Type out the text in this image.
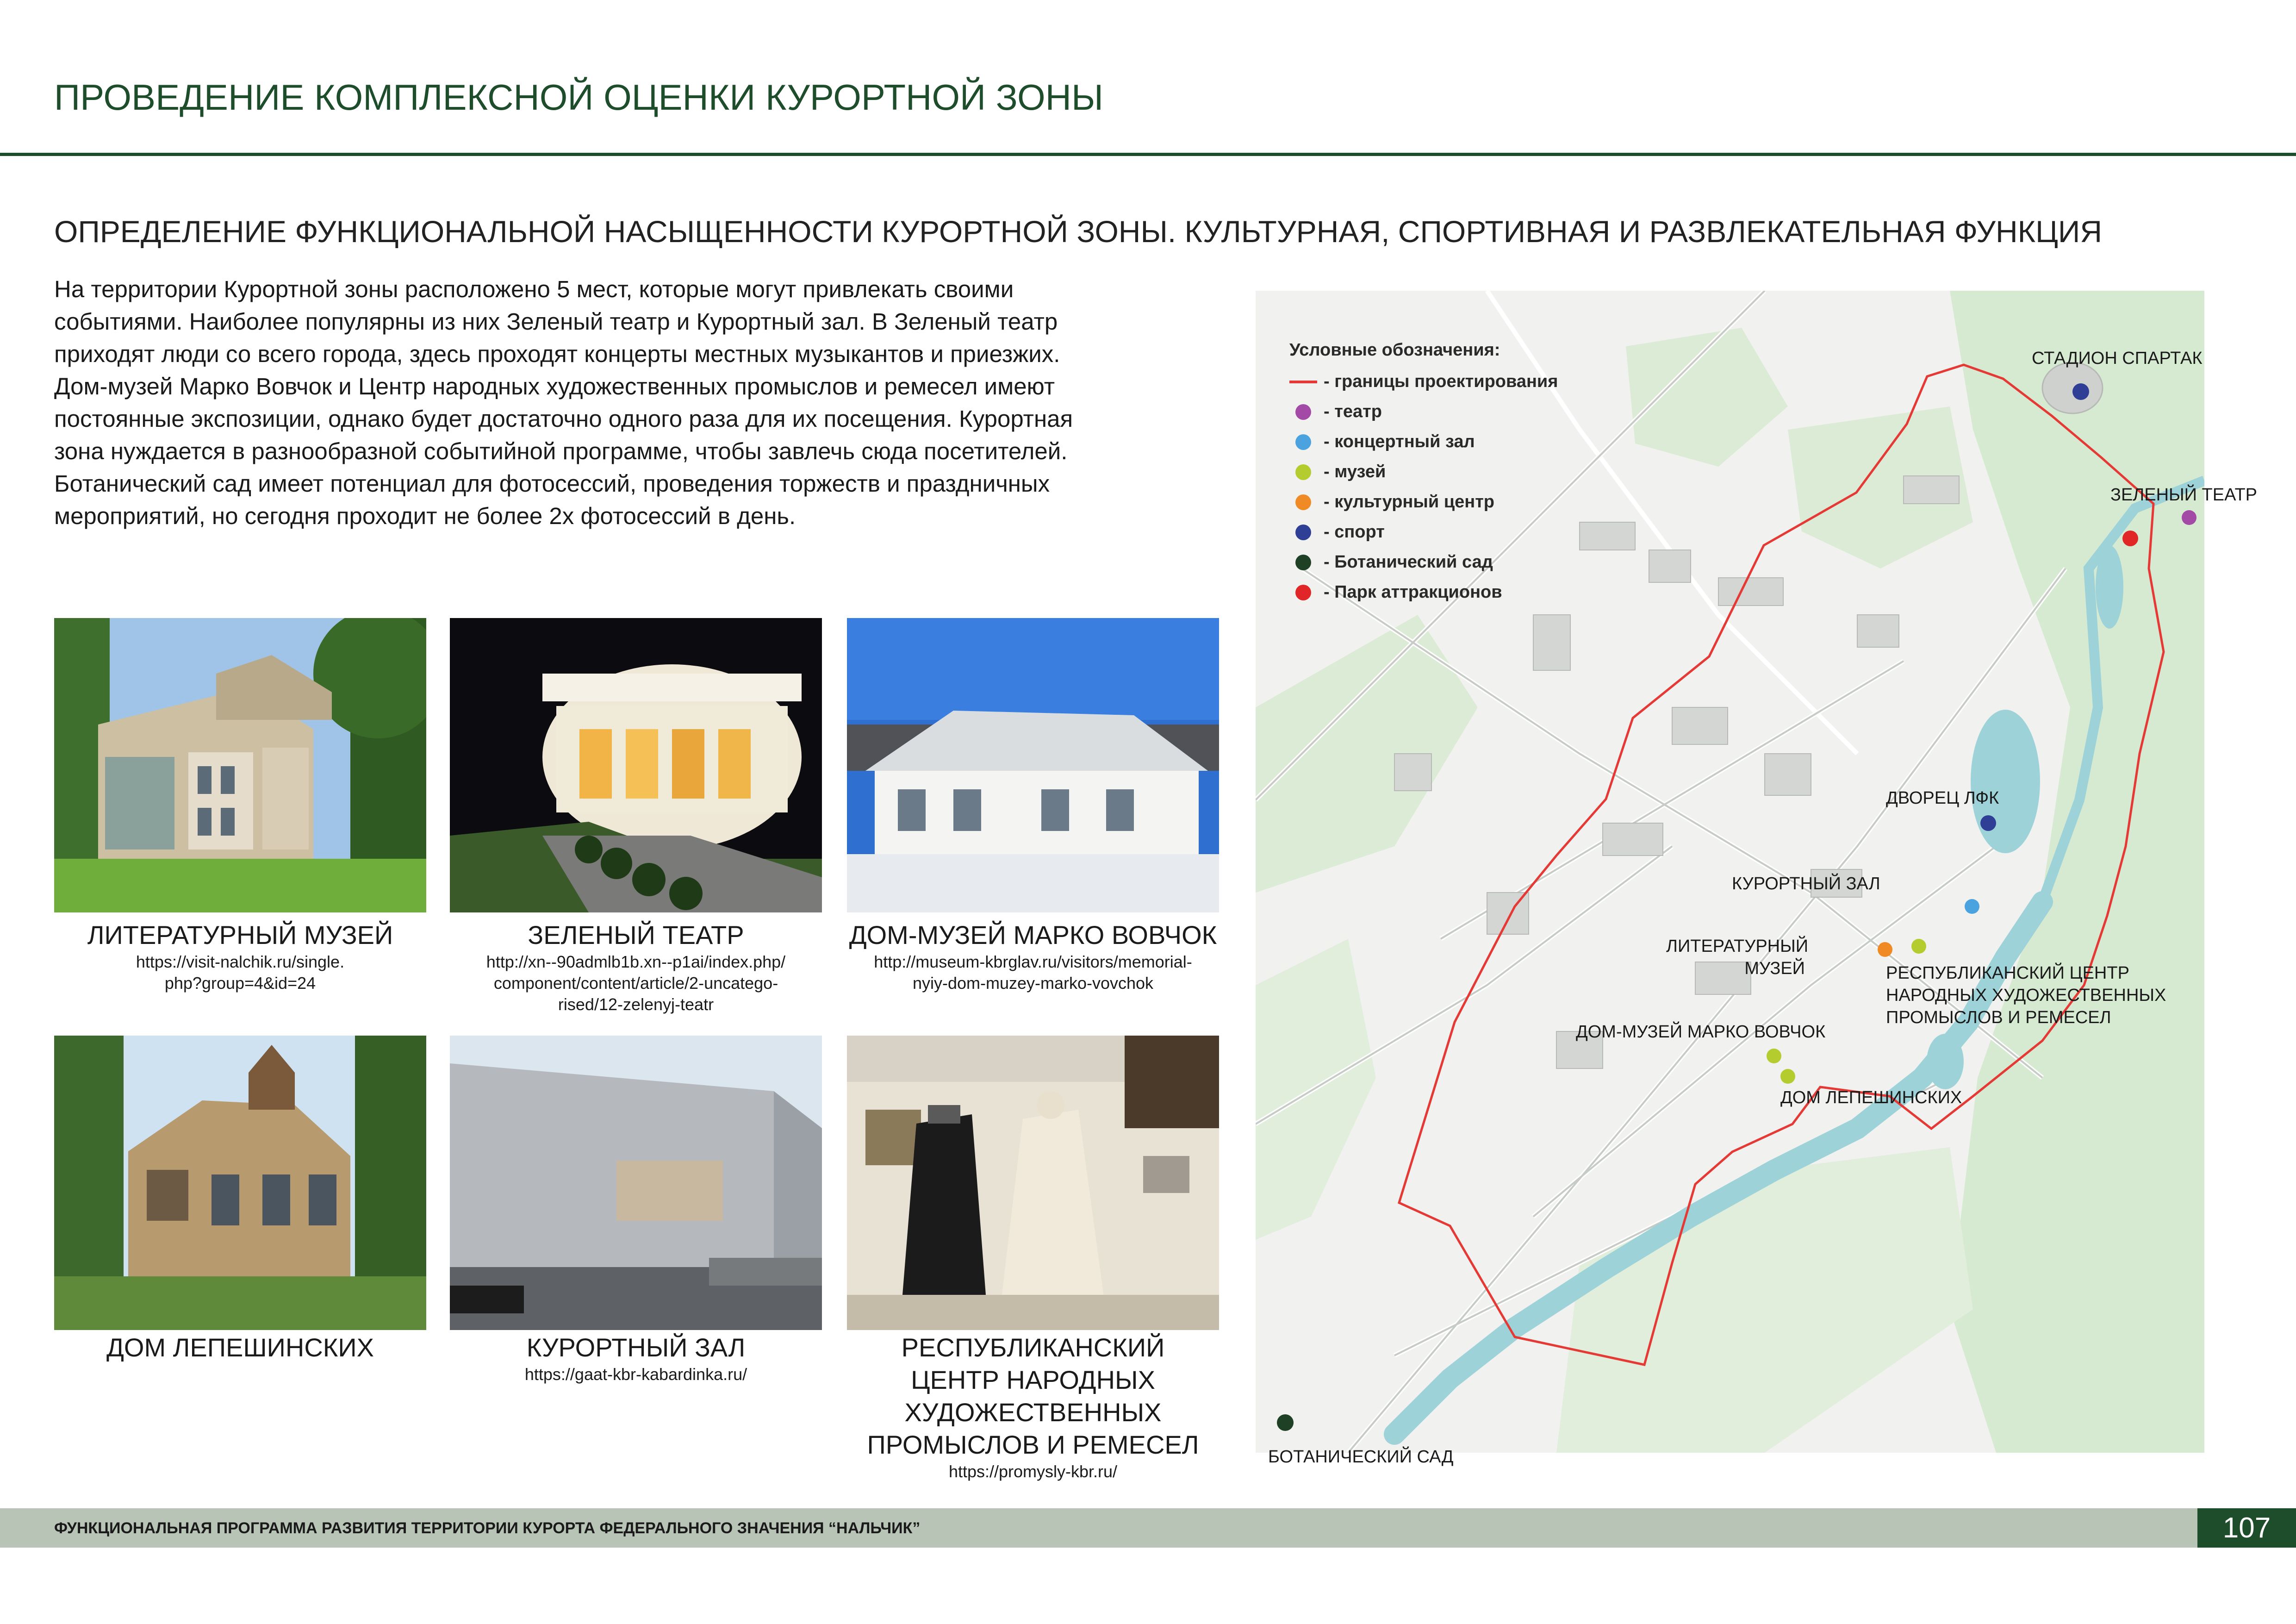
ПРОВЕДЕНИЕ КОМПЛЕКСНОЙ ОЦЕНКИ КУРОРТНОЙ ЗОНЫ
ОПРЕДЕЛЕНИЕ ФУНКЦИОНАЛЬНОЙ НАСЫЩЕННОСТИ КУРОРТНОЙ ЗОНЫ. КУЛЬТУРНАЯ, СПОРТИВНАЯ И РАЗВЛЕКАТЕЛЬНАЯ ФУНКЦИЯ

На территории Курортной зоны расположено 5 мест, которые могут привлекать своими

событиями. Наиболее популярны из них Зеленый театр и Курортный зал. В Зеленый театр

приходят люди со всего города, здесь проходят концерты местных музыкантов и приезжих.

Дом-музей Марко Вовчок и Центр народных художественных промыслов и ремесел имеют

постоянные экспозиции, однако будет достаточно одного раза для их посещения. Курортная

зона нуждается в разнообразной событийной программе, чтобы завлечь сюда посетителей.

Ботанический сад имеет потенциал для фотосессий, проведения торжеств и праздничных

мероприятий, но сегодня проходит не более 2х фотосессий в день.

ЛИТЕРАТУРНЫЙ МУЗЕЙ
https://visit-nalchik.ru/single.
php?group=4&id=24
ЗЕЛЕНЫЙ ТЕАТР
http://xn--90admlb1b.xn--p1ai/index.php/
component/content/article/2-uncatego-
rised/12-zelenyj-teatr
ДОМ-МУЗЕЙ МАРКО ВОВЧОК
http://museum-kbrglav.ru/visitors/memorial-
nyiy-dom-muzey-marko-vovchok
ДОМ ЛЕПЕШИНСКИХ	КУРОРТНЫЙ ЗАЛ
https://gaat-kbr-kabardinka.ru/
РЕСПУБЛИКАНСКИЙ
ЦЕНТР НАРОДНЫХ
ХУДОЖЕСТВЕННЫХ
ПРОМЫСЛОВ И РЕМЕСЕЛ
https://promysly-kbr.ru/
Условные обозначения:
- границы проектирования
- театр
- концертный зал
- музей
- культурный центр
- спорт
- Ботанический сад
- Парк аттракционов
СТАДИОН СПАРТАК
ЗЕЛЕНЫЙ ТЕАТР
ДВОРЕЦ ЛФК
КУРОРТНЫЙ ЗАЛ
ЛИТЕРАТУРНЫЙ
МУЗЕЙ	РЕСПУБЛИКАНСКИЙ ЦЕНТР
НАРОДНЫХ ХУДОЖЕСТВЕННЫХ
ПРОМЫСЛОВ И РЕМЕСЕЛ
ДОМ-МУЗЕЙ МАРКО ВОВЧОК
ДОМ ЛЕПЕШИНСКИХ
БОТАНИЧЕСКИЙ САД
ФУНКЦИОНАЛЬНАЯ ПРОГРАММА РАЗВИТИЯ ТЕРРИТОРИИ КУРОРТА ФЕДЕРАЛЬНОГО ЗНАЧЕНИЯ “НАЛЬЧИК”	107
